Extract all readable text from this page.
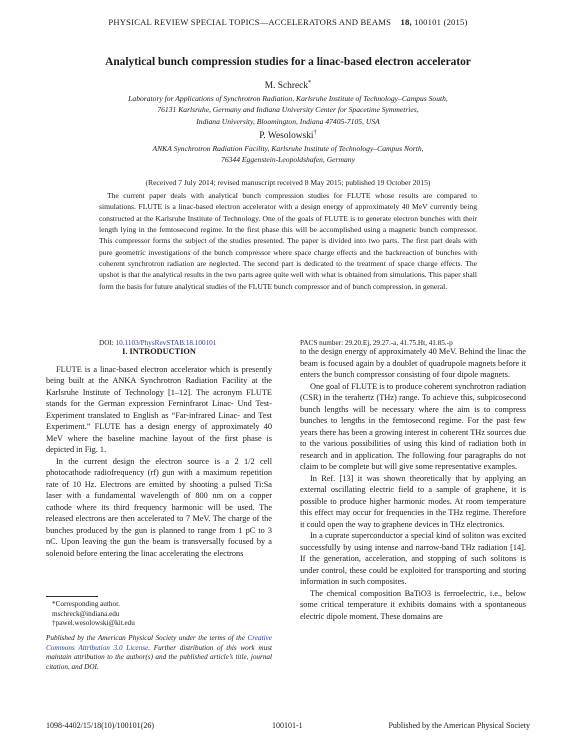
PHYSICAL REVIEW SPECIAL TOPICS—ACCELERATORS AND BEAMS 18, 100101 (2015)
Analytical bunch compression studies for a linac-based electron accelerator
M. Schreck*
Laboratory for Applications of Synchrotron Radiation, Karlsruhe Institute of Technology–Campus South,
76131 Karlsruhe, Germany and Indiana University Center for Spacetime Symmetries,
Indiana University, Bloomington, Indiana 47405-7105, USA
P. Wesolowski†
ANKA Synchrotron Radiation Facility, Karlsruhe Institute of Technology–Campus North,
76344 Eggenstein-Leopoldshafen, Germany
(Received 7 July 2014; revised manuscript received 8 May 2015; published 19 October 2015)

The current paper deals with analytical bunch compression studies for FLUTE whose results are compared to simulations. FLUTE is a linac-based electron accelerator with a design energy of approximately 40 MeV currently being constructed at the Karlsruhe Institute of Technology. One of the goals of FLUTE is to generate electron bunches with their length lying in the femtosecond regime. In the first phase this will be accomplished using a magnetic bunch compressor. This compressor forms the subject of the studies presented. The paper is divided into two parts. The first part deals with pure geometric investigations of the bunch compressor where space charge effects and the backreaction of bunches with coherent synchrotron radiation are neglected. The second part is dedicated to the treatment of space charge effects. The upshot is that the analytical results in the two parts agree quite well with what is obtained from simulations. This paper shall form the basis for future analytical studies of the FLUTE bunch compressor and of bunch compression, in general.

DOI: 10.1103/PhysRevSTAB.18.100101	PACS number: 29.20.Ej, 29.27.-a, 41.75.Ht, 41.85.-p

I. INTRODUCTION

FLUTE is a linac-based electron accelerator which is presently being built at the ANKA Synchrotron Radiation Facility at the Karlsruhe Institute of Technology [1–12]. The acronym FLUTE stands for the German expression Ferninfrarot Linac- Und Test-Experiment translated to English as “Far-infrared Linac- and Test Experiment.” FLUTE has a design energy of approximately 40 MeV where the baseline machine layout of the first phase is depicted in Fig. 1.

In the current design the electron source is a 2 1/2 cell photocathode radiofrequency (rf) gun with a maximum repetition rate of 10 Hz. Electrons are emitted by shooting a pulsed Ti:Sa laser with a fundamental wavelength of 800 nm on a copper cathode where its third frequency harmonic will be used. The released electrons are then accelerated to 7 MeV. The charge of the bunches produced by the gun is planned to range from 1 pC to 3 nC. Upon leaving the gun the beam is transversally focused by a solenoid before entering the linac accelerating the electrons

to the design energy of approximately 40 MeV. Behind the linac the beam is focused again by a doublet of quadrupole magnets before it enters the bunch compressor consisting of four dipole magnets.

One goal of FLUTE is to produce coherent synchrotron radiation (CSR) in the terahertz (THz) range. To achieve this, subpicosecond bunch lengths will be necessary where the aim is to compress bunches to lengths in the femtosecond regime. For the past few years there has been a growing interest in coherent THz sources due to the various possibilities of using this kind of radiation both in research and in application. The following four paragraphs do not claim to be complete but will give some representative examples.

In Ref. [13] it was shown theoretically that by applying an external oscillating electric field to a sample of graphene, it is possible to produce higher harmonic modes. At room temperature this effect may occur for frequencies in the THz regime. Therefore it could open the way to graphene devices in THz electronics.

In a cuprate superconductor a special kind of soliton was excited successfully by using intense and narrow-band THz radiation [14]. If the generation, acceleration, and stopping of such solitons is under control, these could be exploited for transporting and storing information in such composites.

The chemical composition BaTiO3 is ferroelectric, i.e., below some critical temperature it exhibits domains with a spontaneous electric dipole moment. These domains are

*Corresponding author.
mschreck@indiana.edu
†pawel.wesolowski@kit.edu
Published by the American Physical Society under the terms of the Creative Commons Attribution 3.0 License. Further distribution of this work must maintain attribution to the author(s) and the published article’s title, journal citation, and DOI.
1098-4402/15/18(10)/100101(26)	100101-1	Published by the American Physical Society
